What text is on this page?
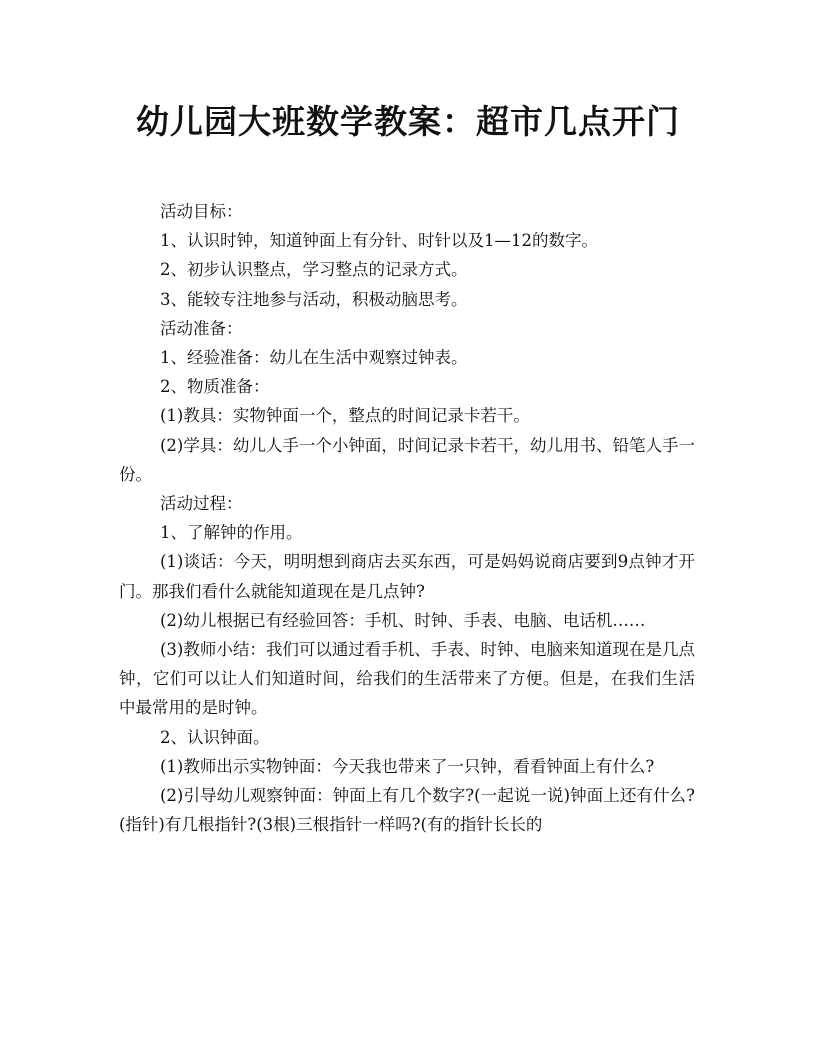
幼儿园大班数学教案：超市几点开门

活动目标：

1、认识时钟，知道钟面上有分针、时针以及1—12的数字。

2、初步认识整点，学习整点的记录方式。

3、能较专注地参与活动，积极动脑思考。

活动准备：

1、经验准备：幼儿在生活中观察过钟表。

2、物质准备：

(1)教具：实物钟面一个，整点的时间记录卡若干。

(2)学具：幼儿人手一个小钟面，时间记录卡若干，幼儿用书、铅笔人手一份。

活动过程：

1、了解钟的作用。

(1)谈话：今天，明明想到商店去买东西，可是妈妈说商店要到9点钟才开门。那我们看什么就能知道现在是几点钟?

(2)幼儿根据已有经验回答：手机、时钟、手表、电脑、电话机……

(3)教师小结：我们可以通过看手机、手表、时钟、电脑来知道现在是几点钟，它们可以让人们知道时间，给我们的生活带来了方便。但是，在我们生活中最常用的是时钟。

2、认识钟面。

(1)教师出示实物钟面：今天我也带来了一只钟，看看钟面上有什么?

(2)引导幼儿观察钟面：钟面上有几个数字?(一起说一说)钟面上还有什么?(指针)有几根指针?(3根)三根指针一样吗?(有的指针长长的
